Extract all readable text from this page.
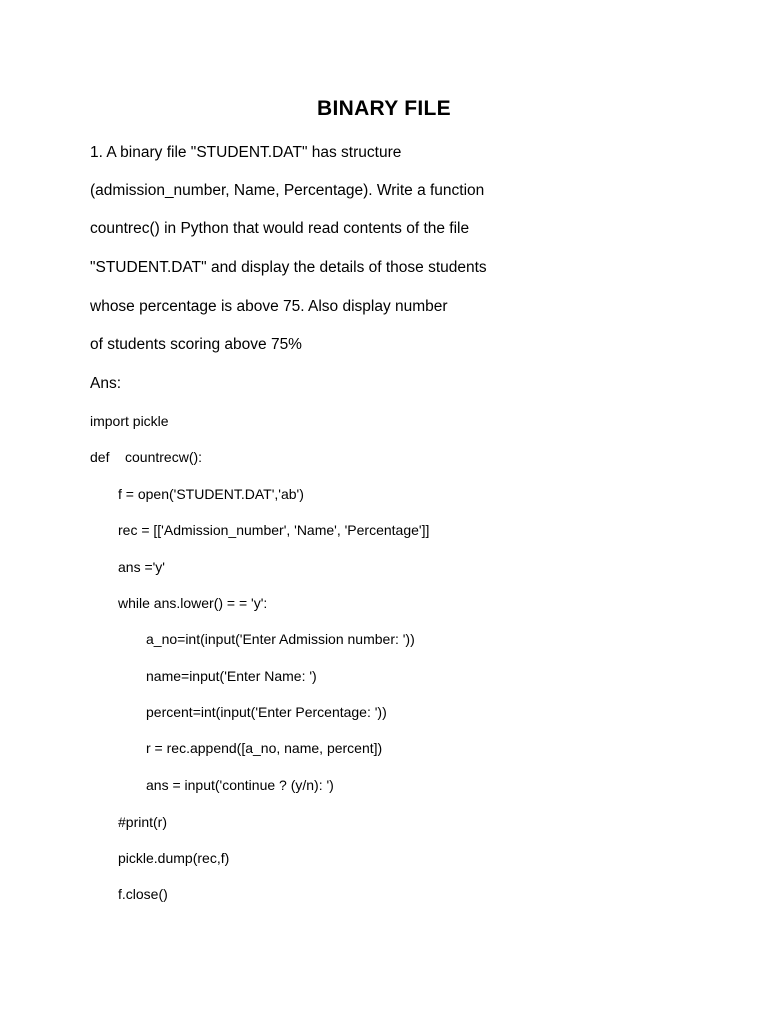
BINARY FILE
1. A binary file "STUDENT.DAT" has structure
(admission_number, Name, Percentage). Write a function
countrec() in Python that would read contents of the file
"STUDENT.DAT" and display the details of those students
whose percentage is above 75. Also display number
of students scoring above 75%
Ans:
import pickle
def    countrecw():
f = open('STUDENT.DAT','ab')
rec = [['Admission_number', 'Name', 'Percentage']]
ans ='y'
while ans.lower() = = 'y':
a_no=int(input('Enter Admission number: '))
name=input('Enter Name: ')
percent=int(input('Enter Percentage: '))
r = rec.append([a_no, name, percent])
ans = input('continue ? (y/n): ')
#print(r)
pickle.dump(rec,f)
f.close()
